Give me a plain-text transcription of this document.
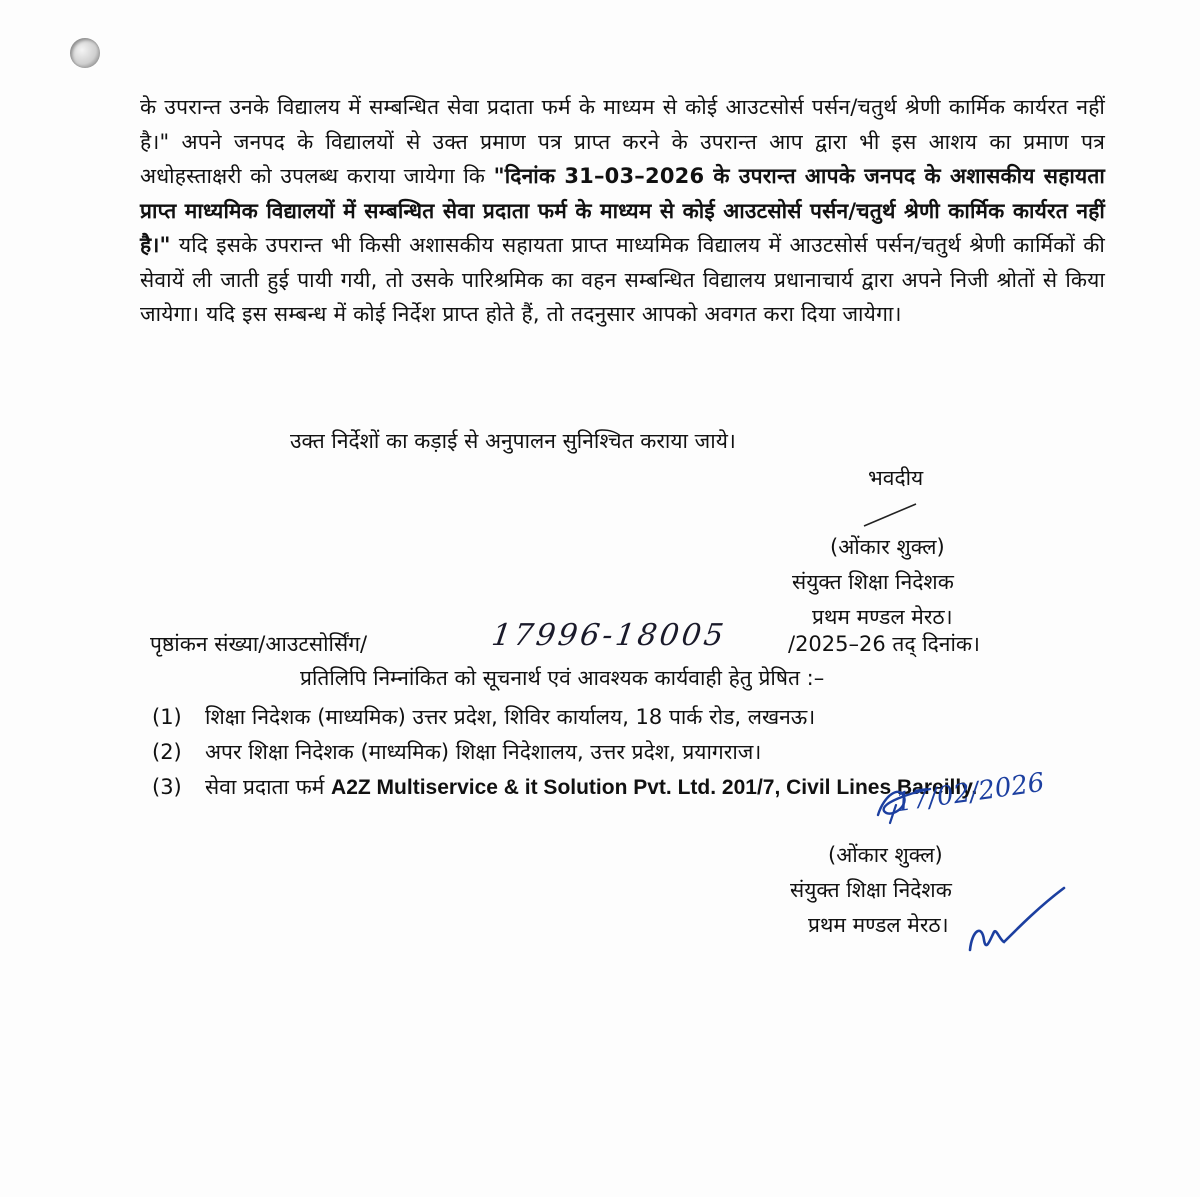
के उपरान्त उनके विद्यालय में सम्बन्धित सेवा प्रदाता फर्म के माध्यम से कोई आउटसोर्स पर्सन/चतुर्थ श्रेणी कार्मिक कार्यरत नहीं है।" अपने जनपद के विद्यालयों से उक्त प्रमाण पत्र प्राप्त करने के उपरान्त आप द्वारा भी इस आशय का प्रमाण पत्र अधोहस्ताक्षरी को उपलब्ध कराया जायेगा कि "दिनांक 31–03–2026 के उपरान्त आपके जनपद के अशासकीय सहायता प्राप्त माध्यमिक विद्यालयों में सम्बन्धित सेवा प्रदाता फर्म के माध्यम से कोई आउटसोर्स पर्सन/चतुर्थ श्रेणी कार्मिक कार्यरत नहीं है।" यदि इसके उपरान्त भी किसी अशासकीय सहायता प्राप्त माध्यमिक विद्यालय में आउटसोर्स पर्सन/चतुर्थ श्रेणी कार्मिकों की सेवायें ली जाती हुई पायी गयी, तो उसके पारिश्रमिक का वहन सम्बन्धित विद्यालय प्रधानाचार्य द्वारा अपने निजी श्रोतों से किया जायेगा। यदि इस सम्बन्ध में कोई निर्देश प्राप्त होते हैं, तो तदनुसार आपको अवगत करा दिया जायेगा।
उक्त निर्देशों का कड़ाई से अनुपालन सुनिश्चित कराया जाये।
भवदीय
(ओंकार शुक्ल)
संयुक्त शिक्षा निदेशक
प्रथम मण्डल मेरठ।
पृष्ठांकन संख्या/आउटसोर्सिंग/	17996-18005	/2025–26 तद् दिनांक।
प्रतिलिपि निम्नांकित को सूचनार्थ एवं आवश्यक कार्यवाही हेतु प्रेषित :–
(1) शिक्षा निदेशक (माध्यमिक) उत्तर प्रदेश, शिविर कार्यालय, 18 पार्क रोड, लखनऊ।
(2) अपर शिक्षा निदेशक (माध्यमिक) शिक्षा निदेशालय, उत्तर प्रदेश, प्रयागराज।
(3) सेवा प्रदाता फर्म A2Z Multiservice & it Solution Pvt. Ltd. 201/7, Civil Lines Bareilly.
17/02/2026
(ओंकार शुक्ल)
संयुक्त शिक्षा निदेशक
प्रथम मण्डल मेरठ।
